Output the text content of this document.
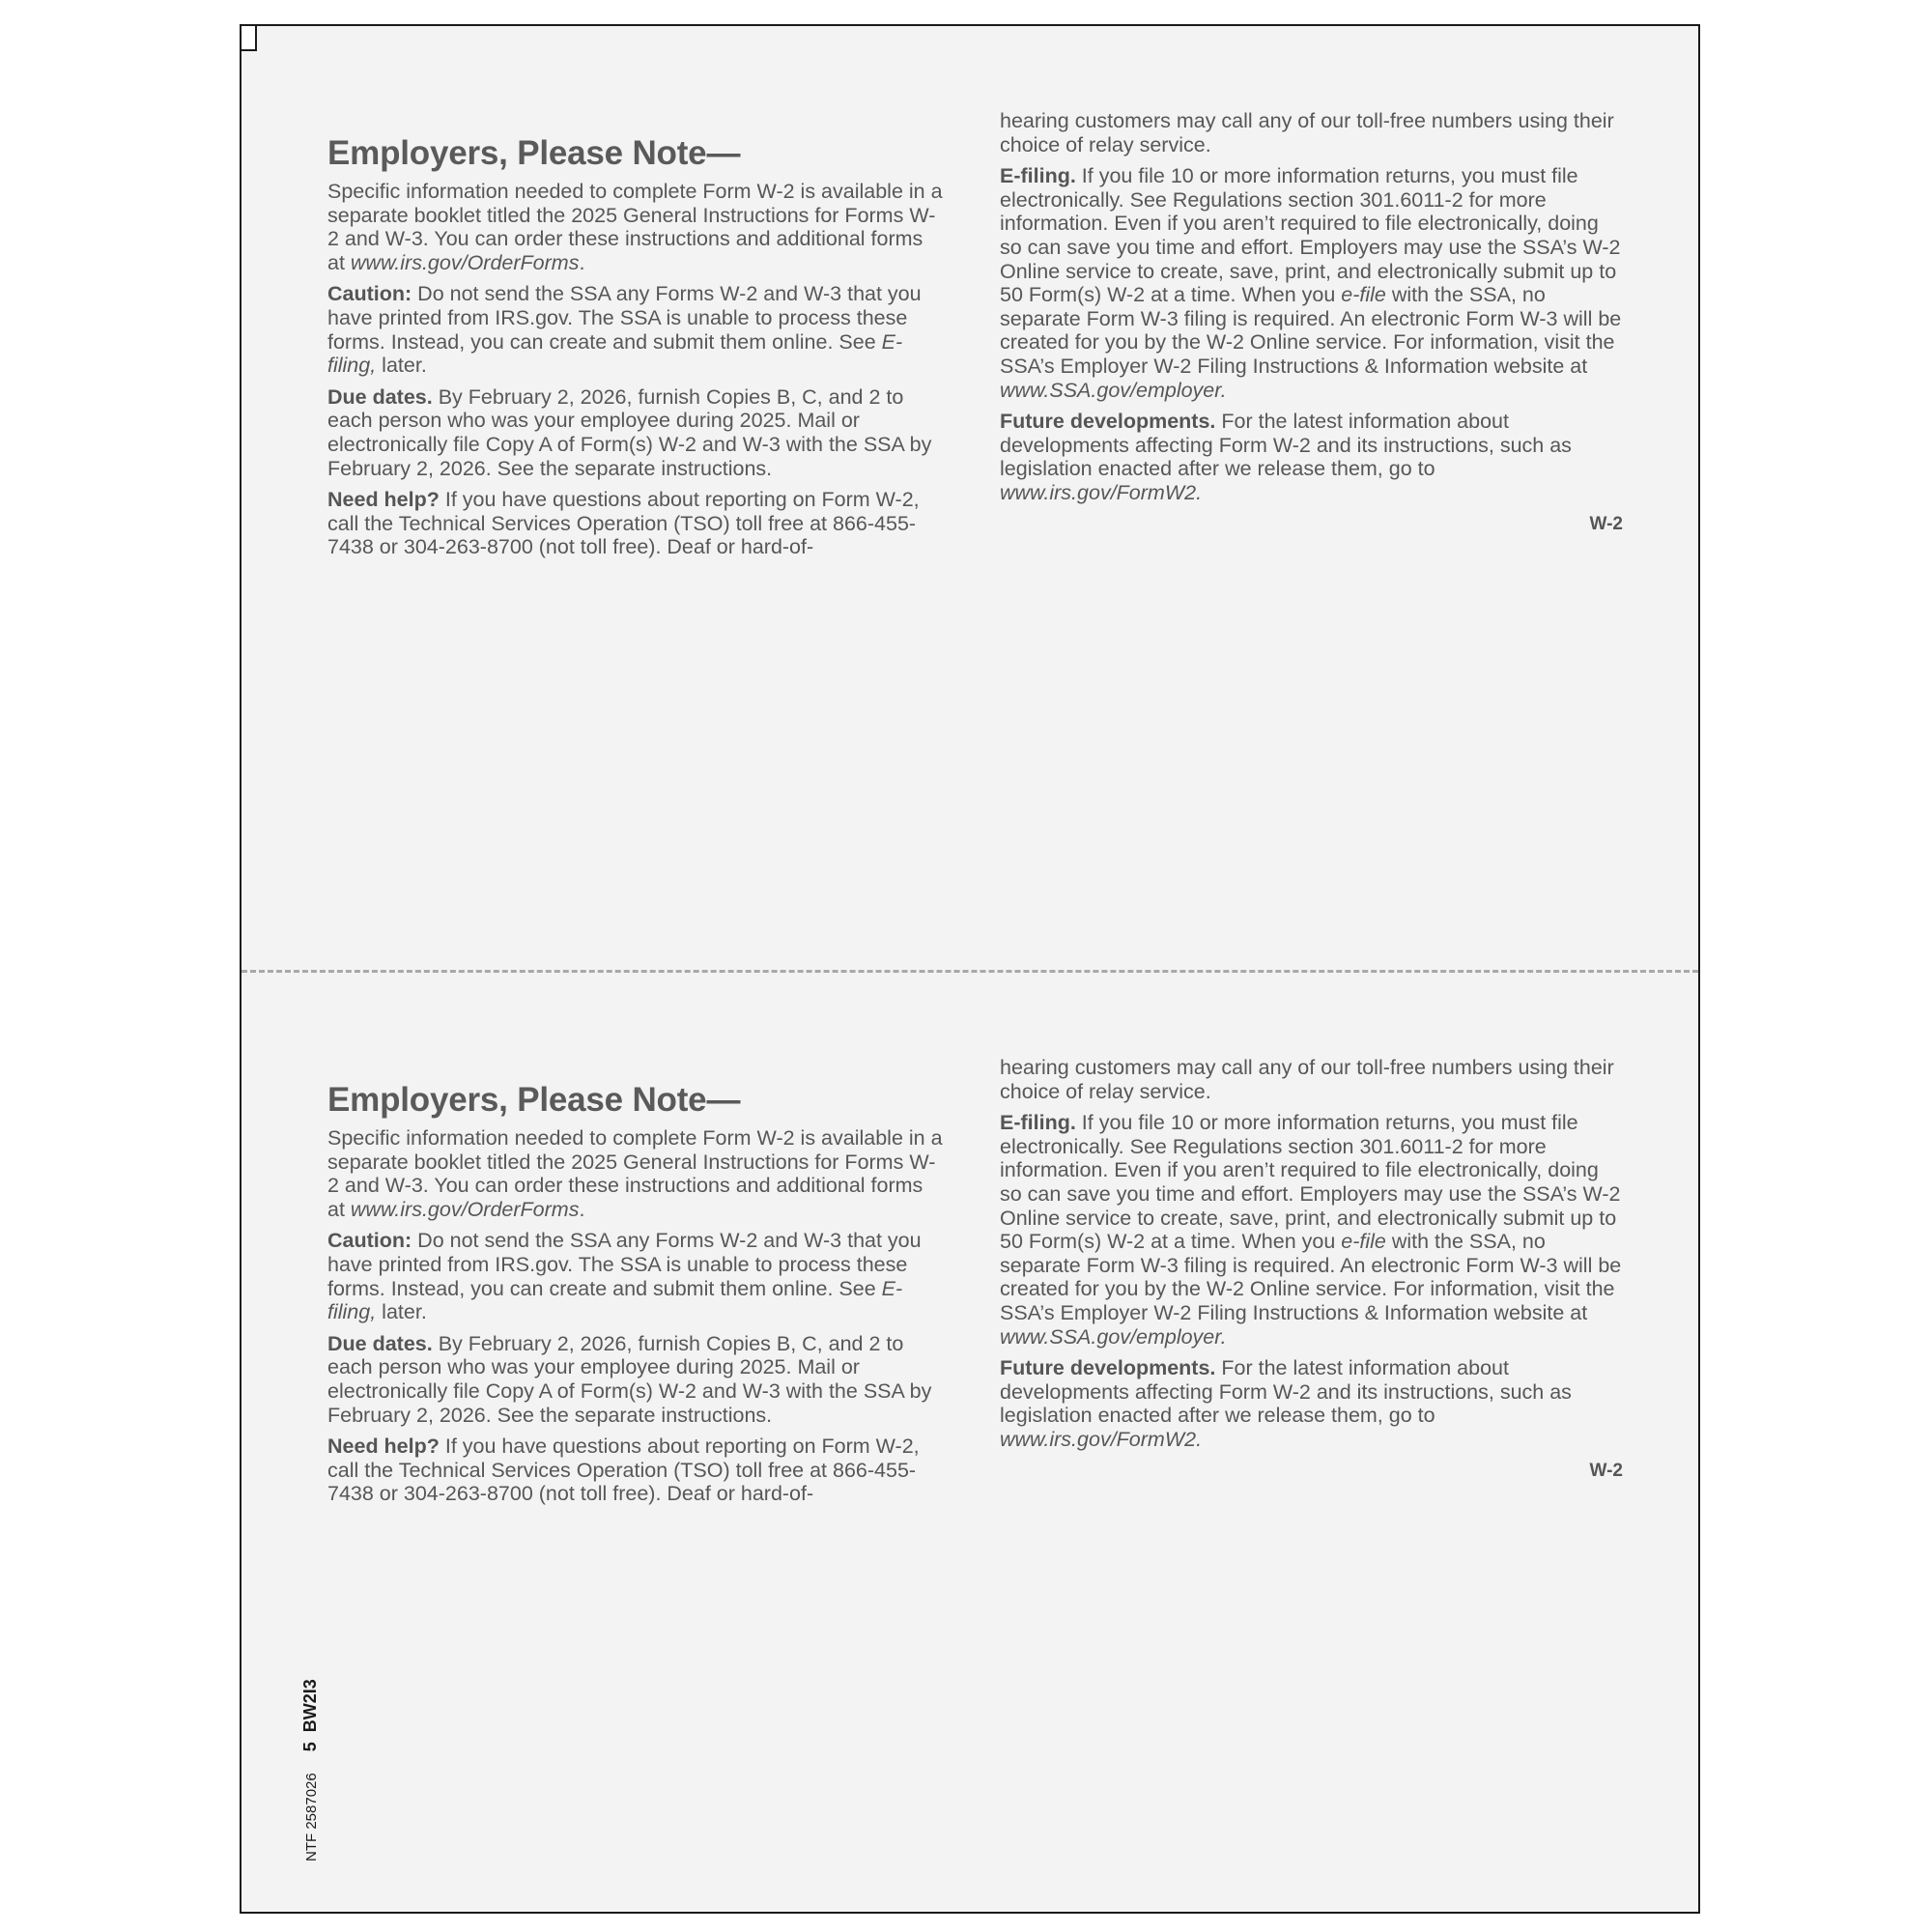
Employers, Please Note—

Specific information needed to complete Form W-2 is available in a separate booklet titled the 2025 General Instructions for Forms W-2 and W-3. You can order these instructions and additional forms at www.irs.gov/OrderForms.

Caution: Do not send the SSA any Forms W-2 and W-3 that you have printed from IRS.gov. The SSA is unable to process these forms. Instead, you can create and submit them online. See E-filing, later.

Due dates. By February 2, 2026, furnish Copies B, C, and 2 to each person who was your employee during 2025. Mail or electronically file Copy A of Form(s) W-2 and W-3 with the SSA by February 2, 2026. See the separate instructions.

Need help? If you have questions about reporting on Form W-2, call the Technical Services Operation (TSO) toll free at 866-455-7438 or 304-263-8700 (not toll free). Deaf or hard-of-

hearing customers may call any of our toll-free numbers using their choice of relay service.

E-filing. If you file 10 or more information returns, you must file electronically. See Regulations section 301.6011-2 for more information. Even if you aren’t required to file electronically, doing so can save you time and effort. Employers may use the SSA’s W-2 Online service to create, save, print, and electronically submit up to 50 Form(s) W-2 at a time. When you e-file with the SSA, no separate Form W-3 filing is required. An electronic Form W-3 will be created for you by the W-2 Online service. For information, visit the SSA’s Employer W-2 Filing Instructions & Information website at www.SSA.gov/employer.

Future developments. For the latest information about developments affecting Form W-2 and its instructions, such as legislation enacted after we release them, go to www.irs.gov/FormW2.

W-2
Employers, Please Note—

Specific information needed to complete Form W-2 is available in a separate booklet titled the 2025 General Instructions for Forms W-2 and W-3. You can order these instructions and additional forms at www.irs.gov/OrderForms.

Caution: Do not send the SSA any Forms W-2 and W-3 that you have printed from IRS.gov. The SSA is unable to process these forms. Instead, you can create and submit them online. See E-filing, later.

Due dates. By February 2, 2026, furnish Copies B, C, and 2 to each person who was your employee during 2025. Mail or electronically file Copy A of Form(s) W-2 and W-3 with the SSA by February 2, 2026. See the separate instructions.

Need help? If you have questions about reporting on Form W-2, call the Technical Services Operation (TSO) toll free at 866-455-7438 or 304-263-8700 (not toll free). Deaf or hard-of-

hearing customers may call any of our toll-free numbers using their choice of relay service.

E-filing. If you file 10 or more information returns, you must file electronically. See Regulations section 301.6011-2 for more information. Even if you aren’t required to file electronically, doing so can save you time and effort. Employers may use the SSA’s W-2 Online service to create, save, print, and electronically submit up to 50 Form(s) W-2 at a time. When you e-file with the SSA, no separate Form W-3 filing is required. An electronic Form W-3 will be created for you by the W-2 Online service. For information, visit the SSA’s Employer W-2 Filing Instructions & Information website at www.SSA.gov/employer.

Future developments. For the latest information about developments affecting Form W-2 and its instructions, such as legislation enacted after we release them, go to www.irs.gov/FormW2.

W-2
NTF 25870265BW2I3
